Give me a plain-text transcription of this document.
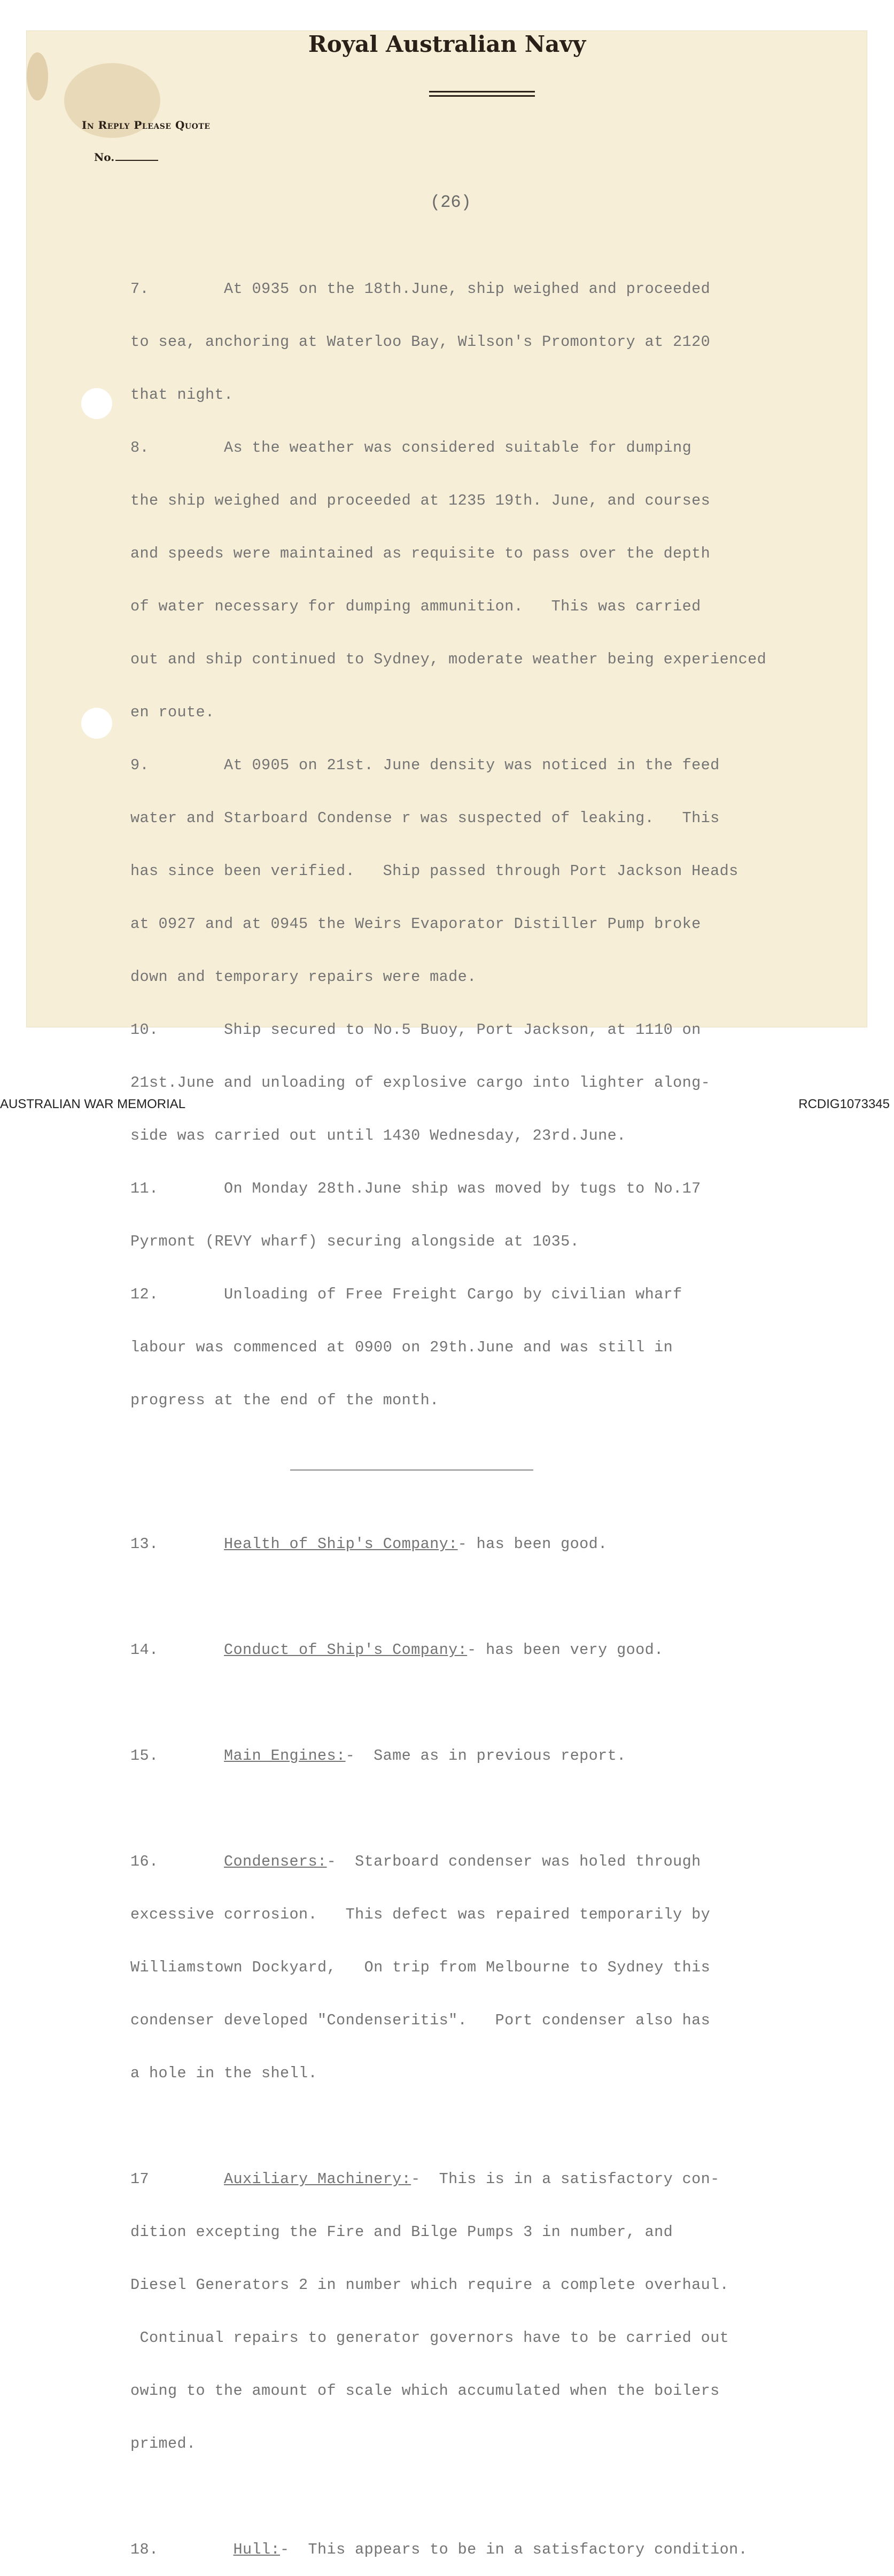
Royal Australian Navy
In Reply Please Quote
No.
(26)

7.        At 0935 on the 18th.June, ship weighed and proceeded

to sea, anchoring at Waterloo Bay, Wilson's Promontory at 2120

that night.

8.        As the weather was considered suitable for dumping

the ship weighed and proceeded at 1235 19th. June, and courses

and speeds were maintained as requisite to pass over the depth

of water necessary for dumping ammunition.   This was carried

out and ship continued to Sydney, moderate weather being experienced

en route.

9.        At 0905 on 21st. June density was noticed in the feed

water and Starboard Condense r was suspected of leaking.   This

has since been verified.   Ship passed through Port Jackson Heads

at 0927 and at 0945 the Weirs Evaporator Distiller Pump broke

down and temporary repairs were made.

10.       Ship secured to No.5 Buoy, Port Jackson, at 1110 on

21st.June and unloading of explosive cargo into lighter along-

side was carried out until 1430 Wednesday, 23rd.June.

11.       On Monday 28th.June ship was moved by tugs to No.17

Pyrmont (REVY wharf) securing alongside at 1035.

12.       Unloading of Free Freight Cargo by civilian wharf

labour was commenced at 0900 on 29th.June and was still in

progress at the end of the month.

13.       Health of Ship's Company:- has been good.

14.       Conduct of Ship's Company:- has been very good.

15.       Main Engines:-  Same as in previous report.

16.       Condensers:-  Starboard condenser was holed through

excessive corrosion.   This defect was repaired temporarily by

Williamstown Dockyard,   On trip from Melbourne to Sydney this

condenser developed "Condenseritis".   Port condenser also has

a hole in the shell.

17        Auxiliary Machinery:-  This is in a satisfactory con-

dition excepting the Fire and Bilge Pumps 3 in number, and

Diesel Generators 2 in number which require a complete overhaul.

Continual repairs to generator governors have to be carried out

owing to the amount of scale which accumulated when the boilers

primed.

18.        Hull:-  This appears to be in a satisfactory condition.

AUSTRALIAN WAR MEMORIAL	RCDIG1073345
